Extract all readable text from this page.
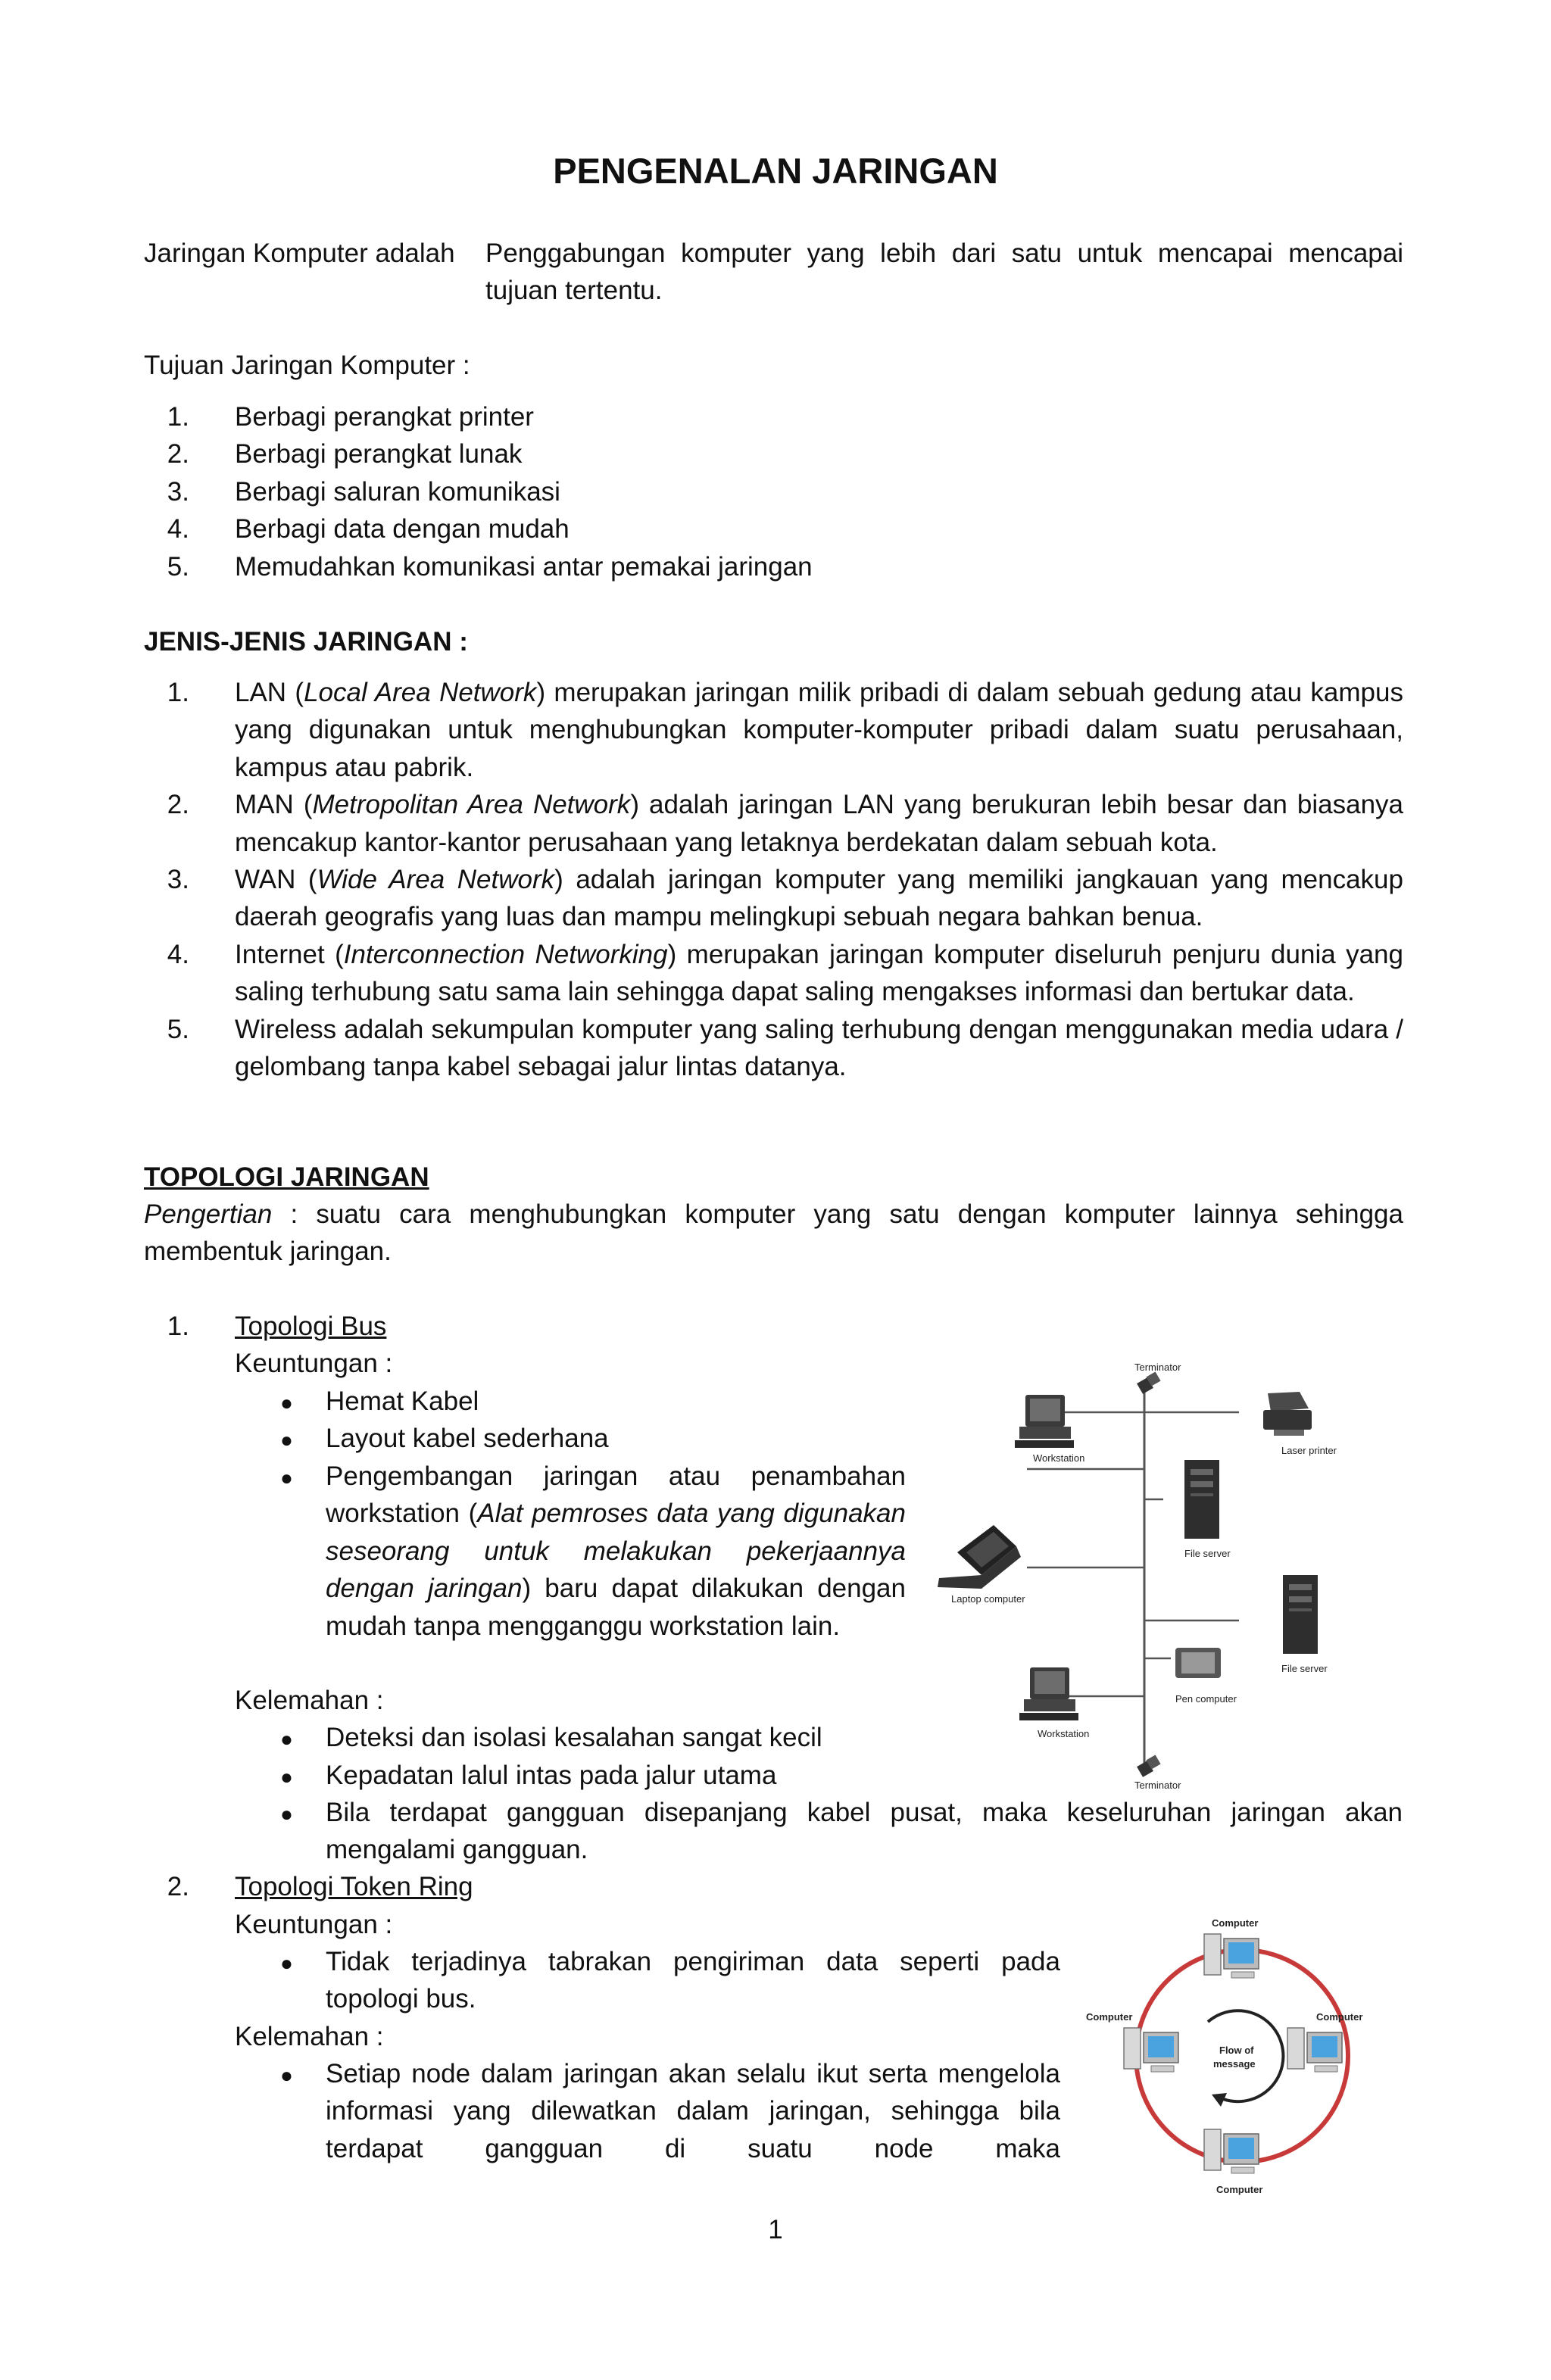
PENGENALAN JARINGAN
Jaringan Komputer adalah Penggabungan komputer yang lebih dari satu untuk mencapai mencapai tujuan tertentu.
Tujuan Jaringan Komputer :
1. Berbagi perangkat printer
2. Berbagi perangkat lunak
3. Berbagi saluran komunikasi
4. Berbagi data dengan mudah
5. Memudahkan komunikasi antar pemakai jaringan
JENIS-JENIS JARINGAN :
1. LAN (Local Area Network) merupakan jaringan milik pribadi di dalam sebuah gedung atau kampus yang digunakan untuk menghubungkan komputer-komputer pribadi dalam suatu perusahaan, kampus atau pabrik.
2. MAN (Metropolitan Area Network) adalah jaringan LAN yang berukuran lebih besar dan biasanya mencakup kantor-kantor perusahaan yang letaknya berdekatan dalam sebuah kota.
3. WAN (Wide Area Network) adalah jaringan komputer yang memiliki jangkauan yang mencakup daerah geografis yang luas dan mampu melingkupi sebuah negara bahkan benua.
4. Internet (Interconnection Networking) merupakan jaringan komputer diseluruh penjuru dunia yang saling terhubung satu sama lain sehingga dapat saling mengakses informasi dan bertukar data.
5. Wireless adalah sekumpulan komputer yang saling terhubung dengan menggunakan media udara / gelombang tanpa kabel sebagai jalur lintas datanya.
TOPOLOGI JARINGAN
Pengertian : suatu cara menghubungkan komputer yang satu dengan komputer lainnya sehingga membentuk jaringan.
1. Topologi Bus
Keuntungan :
● Hemat Kabel
● Layout kabel sederhana
● Pengembangan jaringan atau penambahan workstation (Alat pemroses data yang digunakan seseorang untuk melakukan pekerjaannya dengan jaringan) baru dapat dilakukan dengan mudah tanpa mengganggu workstation lain.
Kelemahan :
● Deteksi dan isolasi kesalahan sangat kecil
● Kepadatan lalul intas pada jalur utama
● Bila terdapat gangguan disepanjang kabel pusat, maka keseluruhan jaringan akan mengalami gangguan.
Terminator
Workstation
Laser printer
File server
Laptop computer
File server
Pen computer
Workstation
Terminator
2. Topologi Token Ring
Keuntungan :
● Tidak terjadinya tabrakan pengiriman data seperti pada topologi bus.
Kelemahan :
● Setiap node dalam jaringan akan selalu ikut serta mengelola informasi yang dilewatkan dalam jaringan, sehingga bila terdapat gangguan di suatu node maka
Flow of
message
Computer
Computer	Computer
Computer
1
